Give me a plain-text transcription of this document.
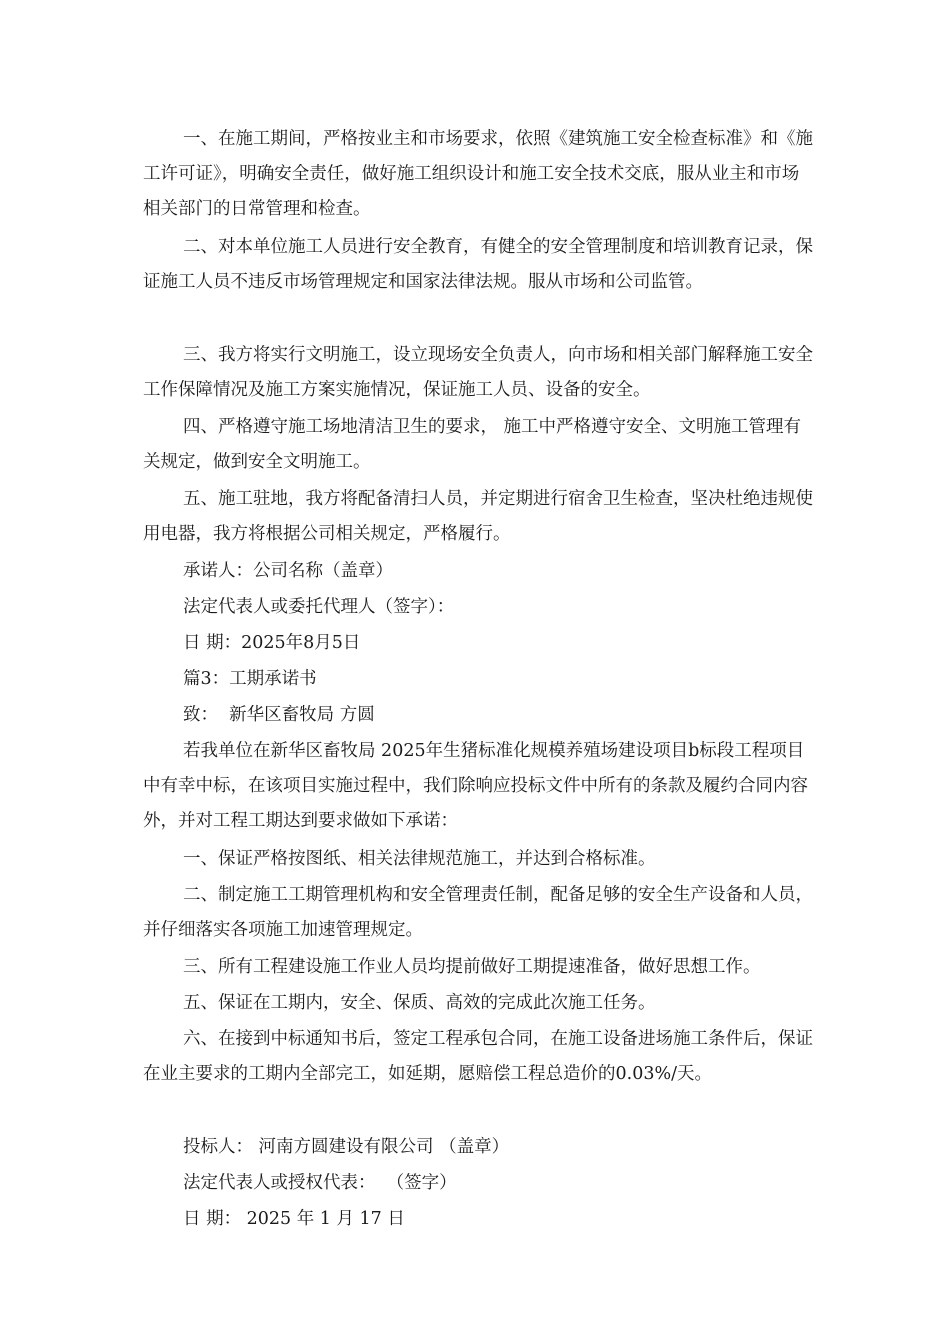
一、在施工期间，严格按业主和市场要求，依照《建筑施工安全检查标准》和《施工许可证》，明确安全责任，做好施工组织设计和施工安全技术交底，服从业主和市场相关部门的日常管理和检查。

二、对本单位施工人员进行安全教育，有健全的安全管理制度和培训教育记录，保证施工人员不违反市场管理规定和国家法律法规。服从市场和公司监管。

三、我方将实行文明施工，设立现场安全负责人，向市场和相关部门解释施工安全工作保障情况及施工方案实施情况，保证施工人员、设备的安全。

四、严格遵守施工场地清洁卫生的要求， 施工中严格遵守安全、文明施工管理有关规定，做到安全文明施工。

五、施工驻地，我方将配备清扫人员，并定期进行宿舍卫生检查，坚决杜绝违规使用电器，我方将根据公司相关规定，严格履行。

承诺人：公司名称（盖章）

法定代表人或委托代理人（签字）：

日 期：2025年8月5日

篇3：工期承诺书

致：  新华区畜牧局 方圆

若我单位在新华区畜牧局 2025年生猪标准化规模养殖场建设项目b标段工程项目中有幸中标，在该项目实施过程中，我们除响应投标文件中所有的条款及履约合同内容外，并对工程工期达到要求做如下承诺：

一、保证严格按图纸、相关法律规范施工，并达到合格标准。

二、制定施工工期管理机构和安全管理责任制，配备足够的安全生产设备和人员，并仔细落实各项施工加速管理规定。

三、所有工程建设施工作业人员均提前做好工期提速准备，做好思想工作。

五、保证在工期内，安全、保质、高效的完成此次施工任务。

六、在接到中标通知书后，签定工程承包合同，在施工设备进场施工条件后，保证在业主要求的工期内全部完工，如延期，愿赔偿工程总造价的0.03%/天。

投标人： 河南方圆建设有限公司 （盖章）

法定代表人或授权代表：  （签字）

日 期： 2025 年 1 月 17 日
